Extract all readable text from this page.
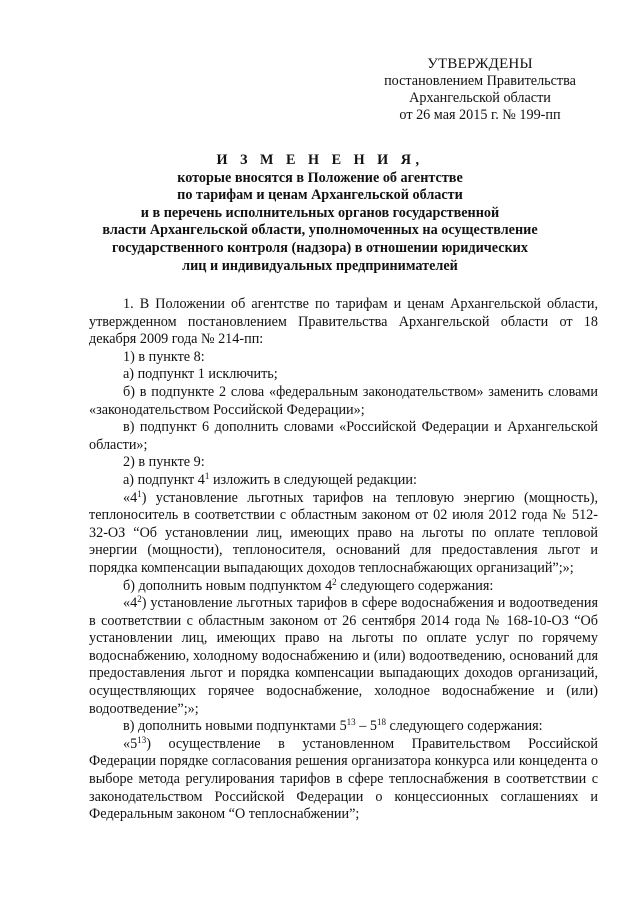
УТВЕРЖДЕНЫ
постановлением Правительства
Архангельской области
от 26 мая 2015 г. № 199-пп
И З М Е Н Е Н И Я,
которые вносятся в Положение об агентстве
по тарифам и ценам Архангельской области
и в перечень исполнительных органов государственной
власти Архангельской области, уполномоченных на осуществление
государственного контроля (надзора) в отношении юридических
лиц и индивидуальных предпринимателей

1. В Положении об агентстве по тарифам и ценам Архангельской области, утвержденном постановлением Правительства Архангельской области от 18 декабря 2009 года № 214-пп:

1) в пункте 8:

а) подпункт 1 исключить;

б) в подпункте 2 слова «федеральным законодательством» заменить словами «законодательством Российской Федерации»;

в) подпункт 6 дополнить словами «Российской Федерации и Архангельской области»;

2) в пункте 9:

а) подпункт $4^1$ изложить в следующей редакции:

«$4^1$) установление льготных тарифов на тепловую энергию (мощность), теплоноситель в соответствии с областным законом от 02 июля 2012 года № 512-32-ОЗ “Об установлении лиц, имеющих право на льготы по оплате тепловой энергии (мощности), теплоносителя, оснований для предоставления льгот и порядка компенсации выпадающих доходов теплоснабжающих организаций”;»;

б) дополнить новым подпунктом $4^2$ следующего содержания:

«$4^2$) установление льготных тарифов в сфере водоснабжения и водоотведения в соответствии с областным законом от 26 сентября 2014 года № 168-10-ОЗ “Об установлении лиц, имеющих право на льготы по оплате услуг по горячему водоснабжению, холодному водоснабжению и (или) водоотведению, оснований для предоставления льгот и порядка компенсации выпадающих доходов организаций, осуществляющих горячее водоснабжение, холодное водоснабжение и (или) водоотведение”;»;

в) дополнить новыми подпунктами $5^{13} - 5^{18}$ следующего содержания:

«$5^{13}$) осуществление в установленном Правительством Российской Федерации порядке согласования решения организатора конкурса или концедента о выборе метода регулирования тарифов в сфере теплоснабжения в соответствии с законодательством Российской Федерации о концессионных соглашениях и Федеральным законом “О теплоснабжении”;
